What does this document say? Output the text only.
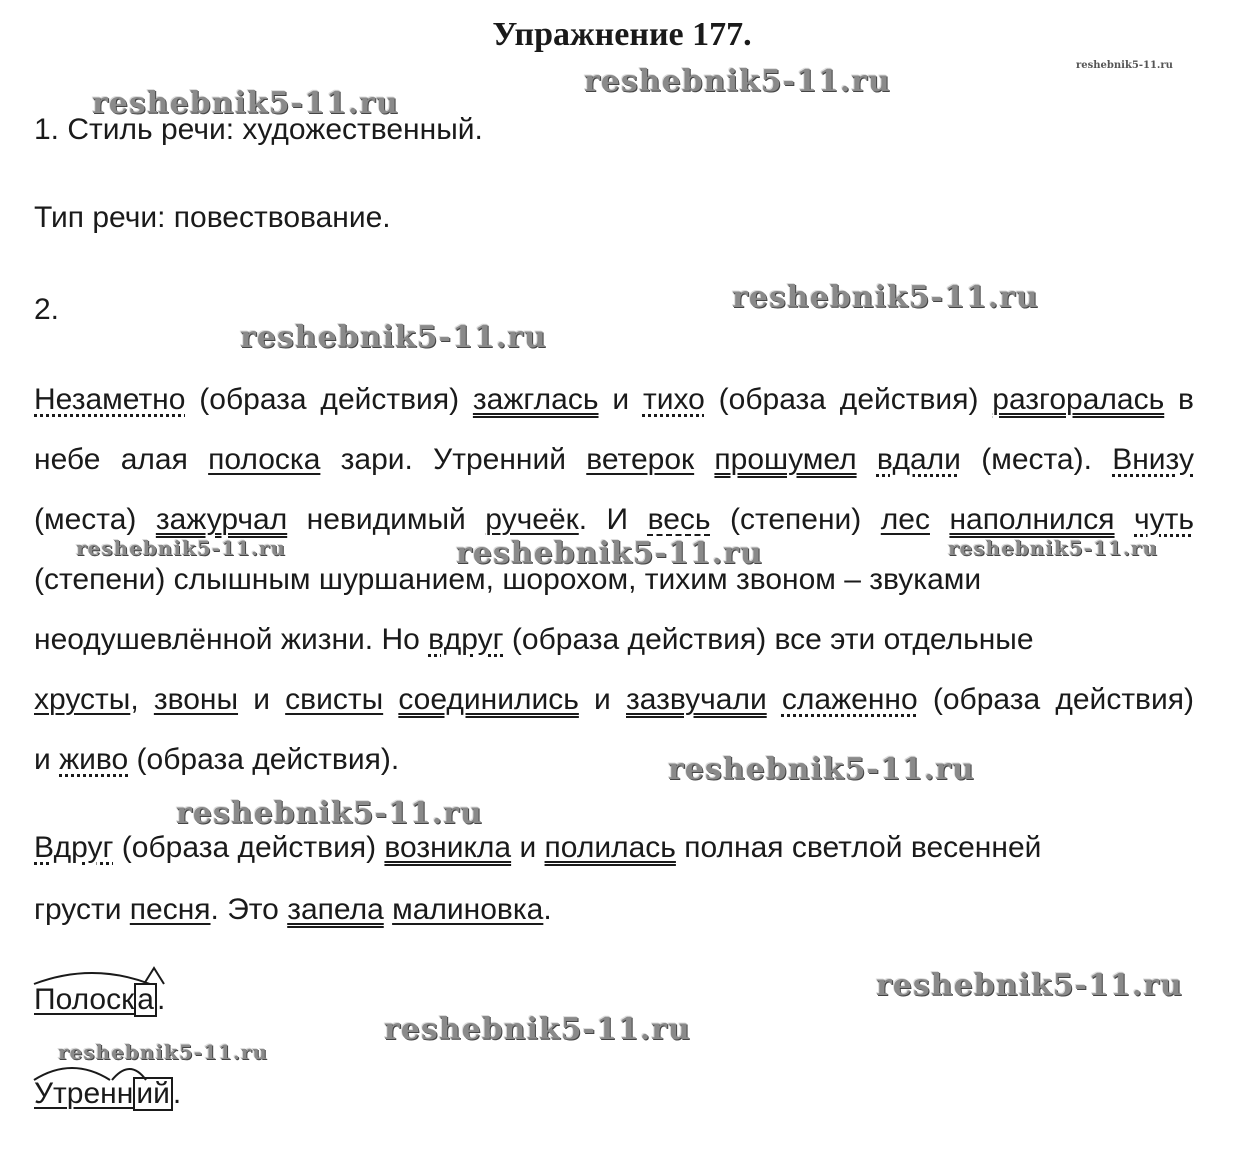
Упражнение 177.
1. Стиль речи: художественный.
Тип речи: повествование.
2.
Незаметно (образа действия) зажглась и тихо (образа действия) разгоралась в
небе алая полоска зари. Утренний ветерок прошумел вдали (места). Внизу
(места) зажурчал невидимый ручеёк. И весь (степени) лес наполнился чуть
(степени) слышным шуршанием, шорохом, тихим звоном – звуками
неодушевлённой жизни. Но вдруг (образа действия) все эти отдельные
хрусты, звоны и свисты соединились и зазвучали слаженно (образа действия)
и живо (образа действия).
Вдруг (образа действия) возникла и полилась полная светлой весенней
грусти песня. Это запела малиновка.
Полоск а .
Утренн ий .
reshebnik5-11.ru
reshebnik5-11.ru
reshebnik5-11.ru
reshebnik5-11.ru
reshebnik5-11.ru
reshebnik5-11.ru	reshebnik5-11.ru	reshebnik5-11.ru
reshebnik5-11.ru
reshebnik5-11.ru
reshebnik5-11.ru
reshebnik5-11.ru
reshebnik5-11.ru
